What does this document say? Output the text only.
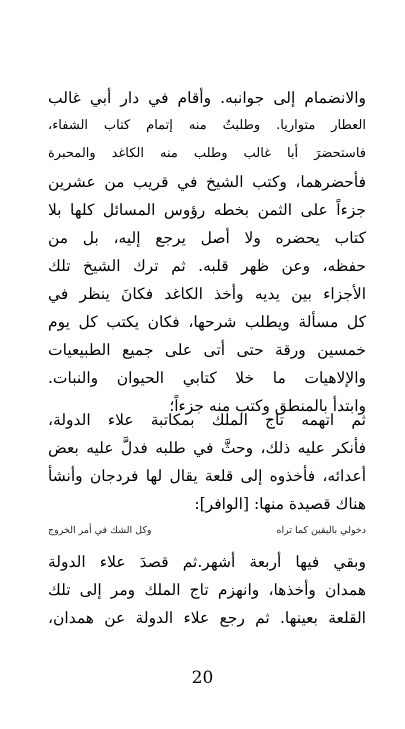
والانضمام إلى جوانبه. وأقام في دار أبي غالب
العطار متواريا. وطلبتُ منه إتمام كتاب الشفاء،
فاستحضرَ أبا غالب وطلب منه الكاغد والمحبرة
فأحضرهما، وكتب الشيخ في قريب من عشرين
جزءاً على الثمن بخطه رؤوس المسائل كلها بلا
كتاب يحضره ولا أصل يرجع إليه، بل من
حفظه، وعن ظهر قلبه. ثم ترك الشيخ تلك
الأجزاء بين يديه وأخذ الكاغد فكانَ ينظر في
كل مسألة ويطلب شرحها، فكان يكتب كل يوم
خمسين ورقة حتى أتى على جميع الطبيعيات
والإلاهيات ما خلا كتابي الحيوان والنبات.
وابتدأ بالمنطق وكتب منه جزءاً؛
ثم اتهمه تاج الملك بمكاتبة علاء الدولة،
فأنكر عليه ذلك، وحثَّ في طلبه فدلَّ عليه بعض
أعدائه، فأخذوه إلى قلعة يقال لها فردجان وأنشأ
هناك قصيدة منها: [الوافر]:
دخولي باليقين كما تراه
وكل الشك في أمر الخروج
وبقي فيها أربعة أشهر.ثم قصدَ علاء الدولة
همدان وأخذها، وانهزم تاج الملك ومر إلى تلك
القلعة بعينها. ثم رجع علاء الدولة عن همدان،
20
